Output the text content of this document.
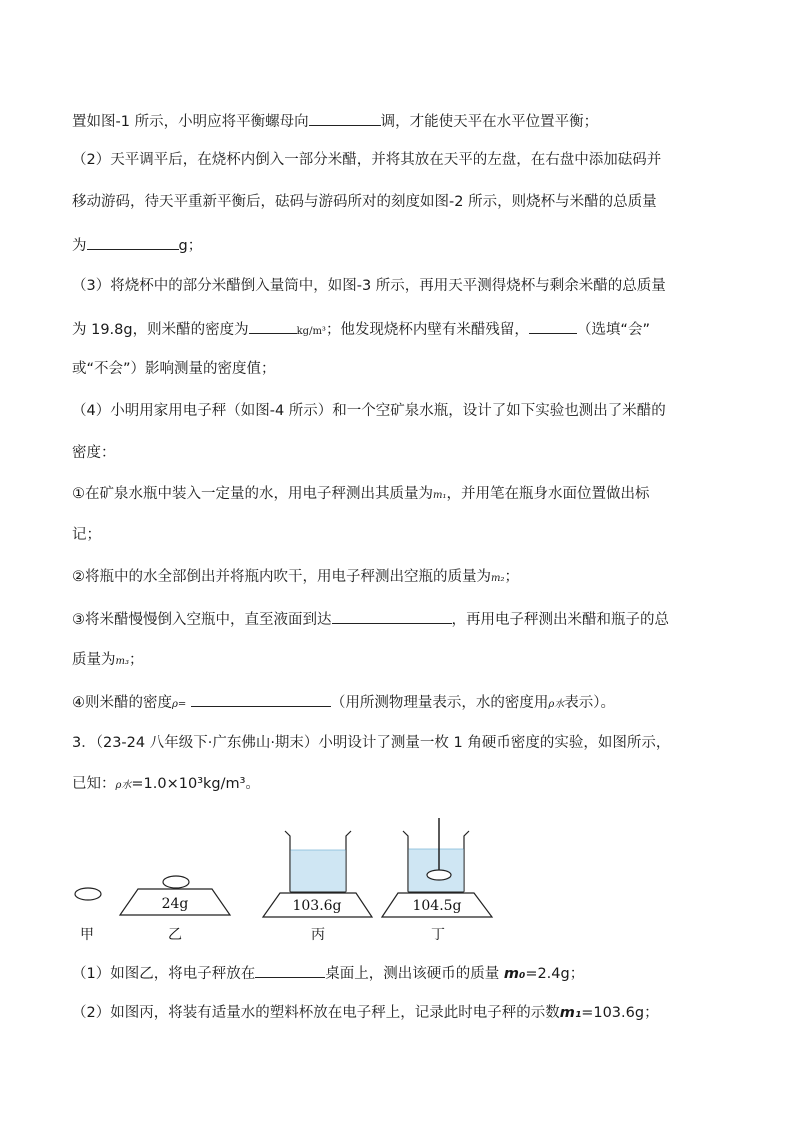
置如图-1 所示，小明应将平衡螺母向	调，才能使天平在水平位置平衡；
（2）天平调平后，在烧杯内倒入一部分米醋，并将其放在天平的左盘，在右盘中添加砝码并
移动游码，待天平重新平衡后，砝码与游码所对的刻度如图-2 所示，则烧杯与米醋的总质量
为	g；
（3）将烧杯中的部分米醋倒入量筒中，如图-3 所示，再用天平测得烧杯与剩余米醋的总质量
为 19.8g，则米醋的密度为	kg/m³；他发现烧杯内壁有米醋残留，	（选填“会”
或“不会”）影响测量的密度值；
（4）小明用家用电子秤（如图-4 所示）和一个空矿泉水瓶，设计了如下实验也测出了米醋的
密度：
①在矿泉水瓶中装入一定量的水，用电子秤测出其质量为m₁，并用笔在瓶身水面位置做出标
记；
②将瓶中的水全部倒出并将瓶内吹干，用电子秤测出空瓶的质量为m₂；
③将米醋慢慢倒入空瓶中，直至液面到达	，再用电子秤测出米醋和瓶子的总
质量为m₃；
④则米醋的密度ρ=	（用所测物理量表示，水的密度用ρ水表示）。
3．（23-24 八年级下·广东佛山·期末）小明设计了测量一枚 1 角硬币密度的实验，如图所示，
已知：ρ水=1.0×10³kg/m³。
24g	103.6g	104.5g
甲	乙	丙	丁
（1）如图乙，将电子秤放在	桌面上，测出该硬币的质量 m₀=2.4g；
（2）如图丙，将装有适量水的塑料杯放在电子秤上，记录此时电子秤的示数m₁=103.6g；
